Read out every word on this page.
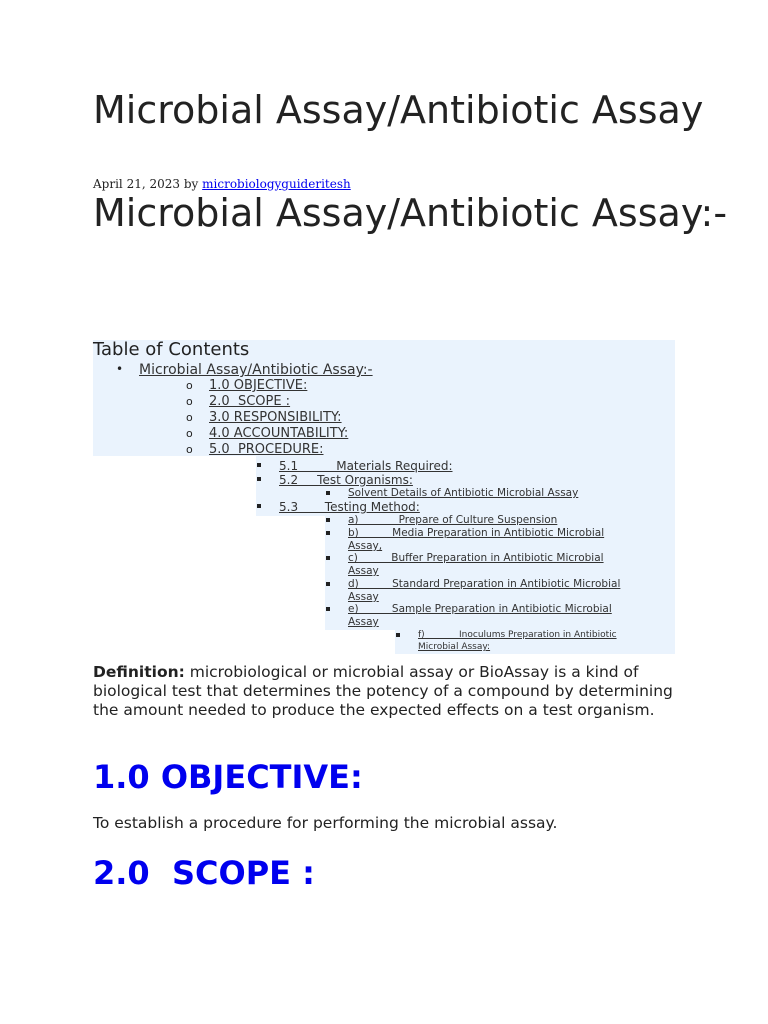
Microbial Assay/Antibiotic Assay
April 21, 2023 by microbiologyguideritesh
Microbial Assay/Antibiotic Assay:-
Table of Contents
• Microbial Assay/Antibiotic Assay:-
o 1.0 OBJECTIVE:
o 2.0  SCOPE :
o 3.0 RESPONSIBILITY:
o 4.0 ACCOUNTABILITY:
o 5.0  PROCEDURE:
5.1          Materials Required:
5.2     Test Organisms:
Solvent Details of Antibiotic Microbial Assay
5.3       Testing Method:
a)            Prepare of Culture Suspension
b)          Media Preparation in Antibiotic Microbial
Assay,
c)          Buffer Preparation in Antibiotic Microbial
Assay
d)          Standard Preparation in Antibiotic Microbial
Assay
e)          Sample Preparation in Antibiotic Microbial
Assay
f)            Inoculums Preparation in Antibiotic
Microbial Assay:

Definition: microbiological or microbial assay or BioAssay is a kind of biological test that determines the potency of a compound by determining the amount needed to produce the expected effects on a test organism.

1.0 OBJECTIVE:

To establish a procedure for performing the microbial assay.

2.0  SCOPE :
